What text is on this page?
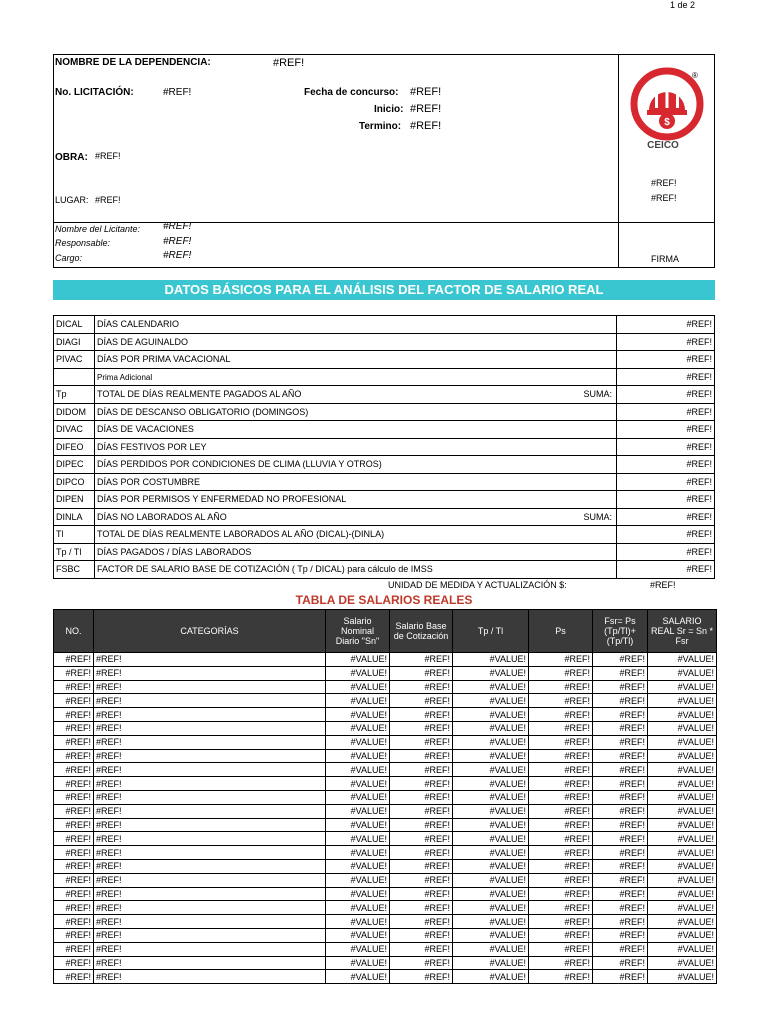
1 de 2
NOMBRE DE LA DEPENDENCIA:	#REF!
No. LICITACIÓN:	#REF!	Fecha de concurso: #REF!
Inicio: #REF!
Termino: #REF!
OBRA: #REF!
LUGAR: #REF!
#REF!
#REF!
Nombre del Licitante: #REF!
Responsable:	#REF!
Cargo:	#REF!	FIRMA
$
®
CEICO
DATOS BÁSICOS PARA EL ANÁLISIS DEL FACTOR DE SALARIO REAL
DICAL	DÍAS CALENDARIO	#REF!
DIAGI	DÍAS DE AGUINALDO	#REF!
PIVAC	DÍAS POR PRIMA VACACIONAL	#REF!
	Prima Adicional	#REF!
Tp	TOTAL DE DÍAS REALMENTE PAGADOS AL AÑO SUMA:	#REF!
DIDOM	DÍAS DE DESCANSO OBLIGATORIO (DOMINGOS)	#REF!
DIVAC	DÍAS DE VACACIONES	#REF!
DIFEO	DÍAS FESTIVOS POR LEY	#REF!
DIPEC	DÍAS PERDIDOS POR CONDICIONES DE CLIMA (LLUVIA Y OTROS)	#REF!
DIPCO	DÍAS POR COSTUMBRE	#REF!
DIPEN	DÍAS POR PERMISOS Y ENFERMEDAD NO PROFESIONAL	#REF!
DINLA	DÍAS NO LABORADOS AL AÑO SUMA:	#REF!
Tl	TOTAL DE DÍAS REALMENTE LABORADOS AL AÑO (DICAL)-(DINLA)	#REF!
Tp / Tl	DÍAS PAGADOS / DÍAS LABORADOS	#REF!
FSBC	FACTOR DE SALARIO BASE DE COTIZACIÓN ( Tp / DICAL) para cálculo de IMSS	#REF!
UNIDAD DE MEDIDA Y ACTUALIZACIÓN $:	#REF!
TABLA DE SALARIOS REALES
NO.	CATEGORÍAS	Salario Nominal Diario "Sn"	Salario Base de Cotización	Tp / Tl	Ps	Fsr= Ps (Tp/Tl)+(Tp/Tl)	SALARIO REAL Sr = Sn * Fsr
#REF!	#REF!	#VALUE!	#REF!	#VALUE!	#REF!	#REF!	#VALUE!
#REF!	#REF!	#VALUE!	#REF!	#VALUE!	#REF!	#REF!	#VALUE!
#REF!	#REF!	#VALUE!	#REF!	#VALUE!	#REF!	#REF!	#VALUE!
#REF!	#REF!	#VALUE!	#REF!	#VALUE!	#REF!	#REF!	#VALUE!
#REF!	#REF!	#VALUE!	#REF!	#VALUE!	#REF!	#REF!	#VALUE!
#REF!	#REF!	#VALUE!	#REF!	#VALUE!	#REF!	#REF!	#VALUE!
#REF!	#REF!	#VALUE!	#REF!	#VALUE!	#REF!	#REF!	#VALUE!
#REF!	#REF!	#VALUE!	#REF!	#VALUE!	#REF!	#REF!	#VALUE!
#REF!	#REF!	#VALUE!	#REF!	#VALUE!	#REF!	#REF!	#VALUE!
#REF!	#REF!	#VALUE!	#REF!	#VALUE!	#REF!	#REF!	#VALUE!
#REF!	#REF!	#VALUE!	#REF!	#VALUE!	#REF!	#REF!	#VALUE!
#REF!	#REF!	#VALUE!	#REF!	#VALUE!	#REF!	#REF!	#VALUE!
#REF!	#REF!	#VALUE!	#REF!	#VALUE!	#REF!	#REF!	#VALUE!
#REF!	#REF!	#VALUE!	#REF!	#VALUE!	#REF!	#REF!	#VALUE!
#REF!	#REF!	#VALUE!	#REF!	#VALUE!	#REF!	#REF!	#VALUE!
#REF!	#REF!	#VALUE!	#REF!	#VALUE!	#REF!	#REF!	#VALUE!
#REF!	#REF!	#VALUE!	#REF!	#VALUE!	#REF!	#REF!	#VALUE!
#REF!	#REF!	#VALUE!	#REF!	#VALUE!	#REF!	#REF!	#VALUE!
#REF!	#REF!	#VALUE!	#REF!	#VALUE!	#REF!	#REF!	#VALUE!
#REF!	#REF!	#VALUE!	#REF!	#VALUE!	#REF!	#REF!	#VALUE!
#REF!	#REF!	#VALUE!	#REF!	#VALUE!	#REF!	#REF!	#VALUE!
#REF!	#REF!	#VALUE!	#REF!	#VALUE!	#REF!	#REF!	#VALUE!
#REF!	#REF!	#VALUE!	#REF!	#VALUE!	#REF!	#REF!	#VALUE!
#REF!	#REF!	#VALUE!	#REF!	#VALUE!	#REF!	#REF!	#VALUE!
